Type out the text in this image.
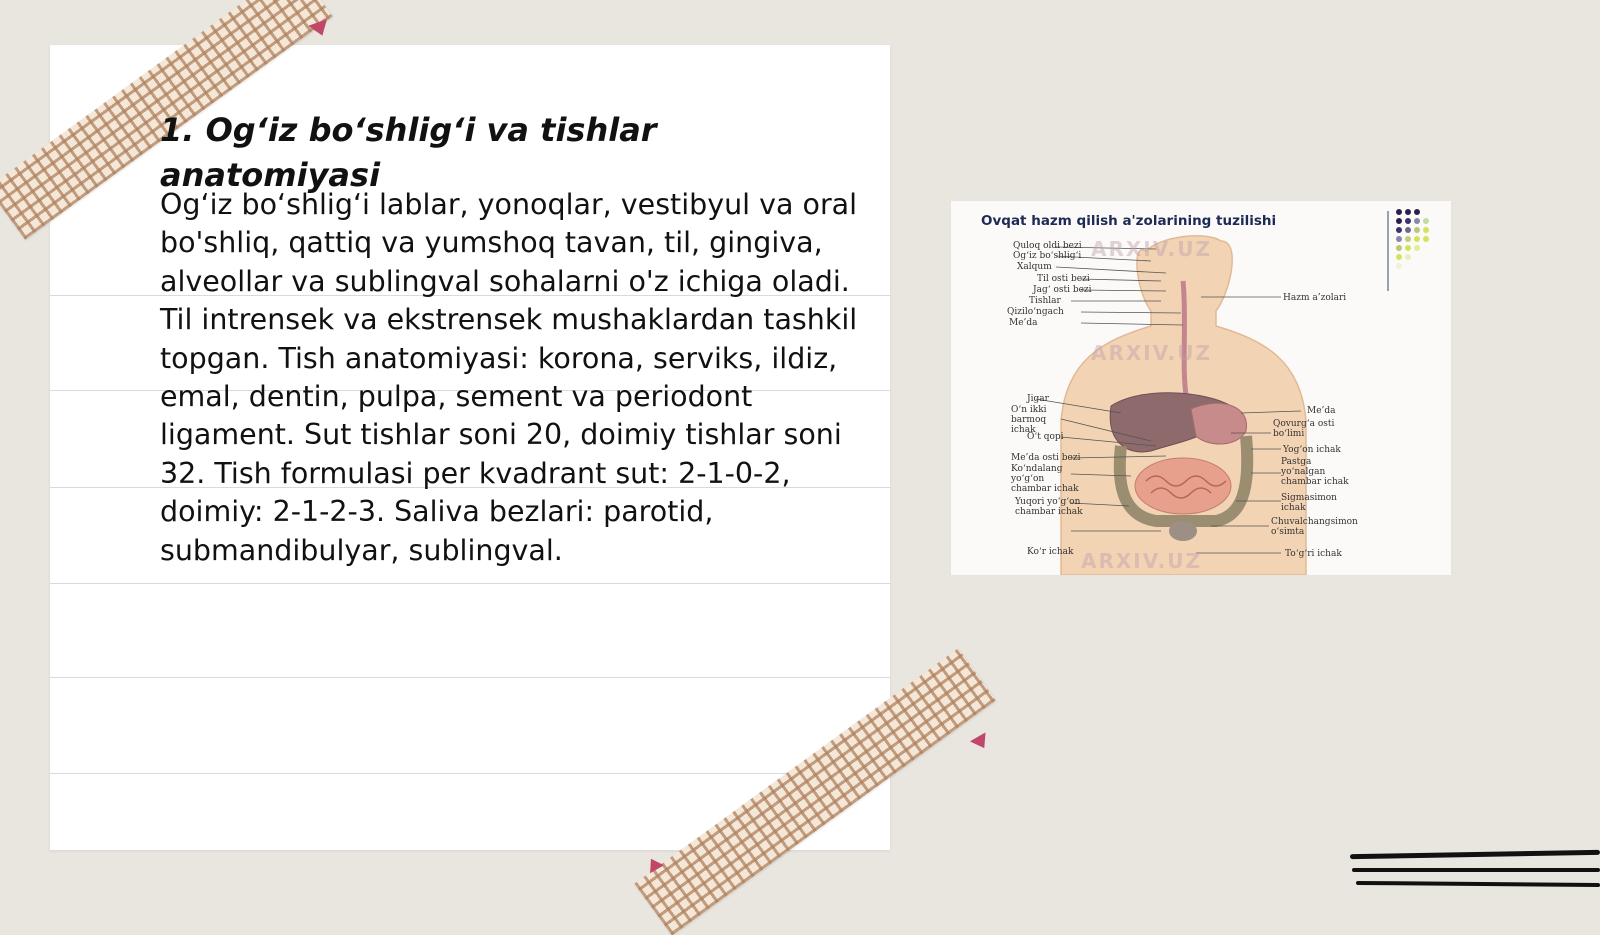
1. Og‘iz bo‘shlig‘i va tishlar anatomiyasi

Og‘iz bo‘shlig‘i lablar, yonoqlar, vestibyul va oral bo'shliq, qattiq va yumshoq tavan, til, gingiva, alveollar va sublingval sohalarni o'z ichiga oladi. Til intrensek va ekstrensek mushaklardan tashkil topgan. Tish anatomiyasi: korona, serviks, ildiz, emal, dentin, pulpa, sement va periodont ligament. Sut tishlar soni 20, doimiy tishlar soni 32. Tish formulasi per kvadrant sut: 2-1-0-2, doimiy: 2-1-2-3. Saliva bezlari: parotid, submandibulyar, sublingval.

Ovqat hazm qilish a'zolarining tuzilishi
Quloq oldi bezi
Og‘iz bo‘shlig‘i
Xalqum
Til osti bezi
Jag‘ osti bezi
Tishlar
Qizilo‘ngach
Me’da
Jigar
O‘n ikki barmoq ichak
O‘t qopi
Me’da osti bezi
Ko‘ndalang yo‘g‘on chambar ichak
Yuqori yo‘g‘on chambar ichak
Ko‘r ichak
Hazm a’zolari
Me’da
Qovurg‘a osti bo‘limi
Yog‘on ichak
Pastga yo‘nalgan chambar ichak
Sigmasimon ichak
Chuvalchangsimon o‘simta
To‘g‘ri ichak
ARXIV.UZ
ARXIV.UZ
ARXIV.UZ
